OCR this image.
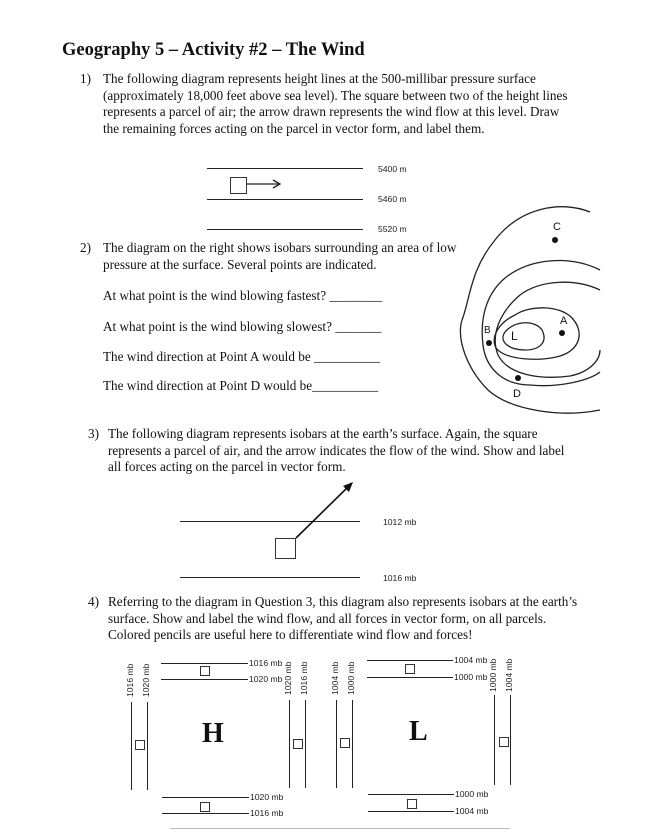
Geography 5 – Activity #2 – The Wind
1) The following diagram represents height lines at the 500-millibar pressure surface
(approximately 18,000 feet above sea level). The square between two of the height lines
represents a parcel of air; the arrow drawn represents the wind flow at this level. Draw
the remaining forces acting on the parcel in vector form, and label them.
5400 m
5460 m
5520 m
2) The diagram on the right shows isobars surrounding an area of low
pressure at the surface. Several points are indicated.
At what point is the wind blowing fastest? ________
At what point is the wind blowing slowest? _______
The wind direction at Point A would be __________
The wind direction at Point D would be__________
C
A
B
D
L
3) The following diagram represents isobars at the earth’s surface. Again, the square
represents a parcel of air, and the arrow indicates the flow of the wind. Show and label
all forces acting on the parcel in vector form.
1012 mb
1016 mb
4) Referring to the diagram in Question 3, this diagram also represents isobars at the earth’s
surface. Show and label the wind flow, and all forces in vector form, on all parcels.
Colored pencils are useful here to differentiate wind flow and forces!
1016 mb
1020 mb
1020 mb
1016 mb
1016 mb 1020 mb
H
1020 mb 1016 mb
1004 mb
1000 mb
1000 mb
1004 mb
1004 mb 1000 mb
L
1000 mb 1004 mb
